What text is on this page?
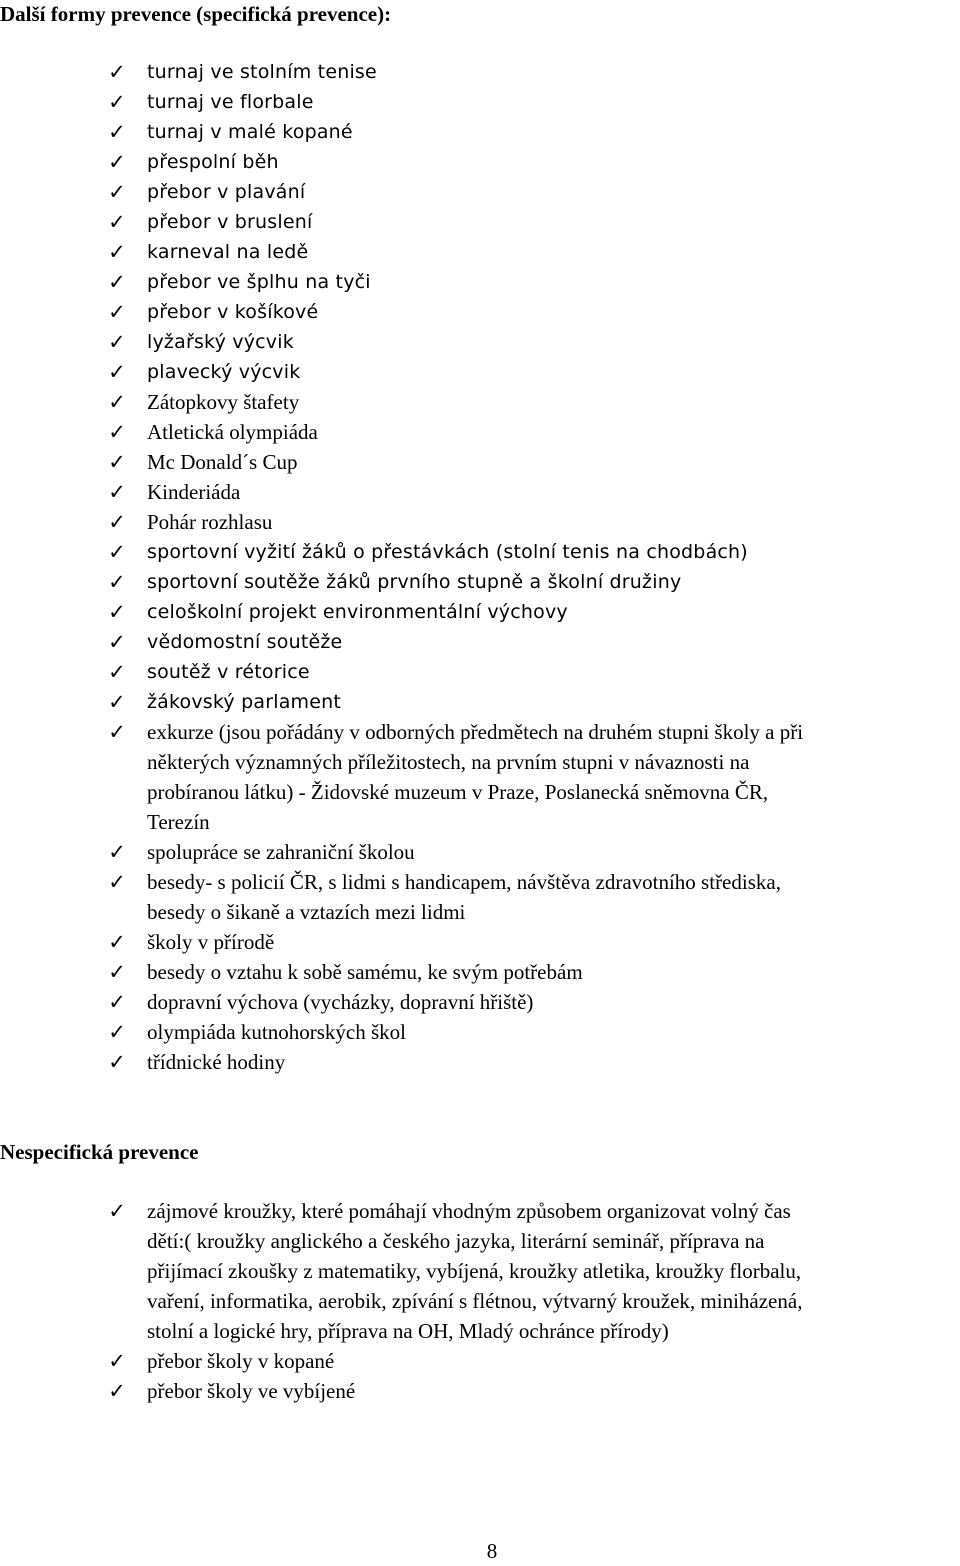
Další formy prevence (specifická prevence):
✓ turnaj ve stolním tenise
✓ turnaj ve florbale
✓ turnaj v malé kopané
✓ přespolní běh
✓ přebor v plavání
✓ přebor v bruslení
✓ karneval na ledě
✓ přebor ve šplhu na tyči
✓ přebor v košíkové
✓ lyžařský výcvik
✓ plavecký výcvik
✓ Zátopkovy štafety
✓ Atletická olympiáda
✓ Mc Donald´s Cup
✓ Kinderiáda
✓ Pohár rozhlasu
✓ sportovní vyžití žáků o přestávkách (stolní tenis na chodbách)
✓ sportovní soutěže žáků prvního stupně a školní družiny
✓ celoškolní projekt environmentální výchovy
✓ vědomostní soutěže
✓ soutěž v rétorice
✓ žákovský parlament
✓ exkurze (jsou pořádány v odborných předmětech na druhém stupni školy a při
některých významných příležitostech, na prvním stupni v návaznosti na
probíranou látku) - Židovské muzeum v Praze, Poslanecká sněmovna ČR,
Terezín
✓ spolupráce se zahraniční školou
✓ besedy- s policií ČR, s lidmi s handicapem, návštěva zdravotního střediska,
besedy o šikaně a vztazích mezi lidmi
✓ školy v přírodě
✓ besedy o vztahu k sobě samému, ke svým potřebám
✓ dopravní výchova (vycházky, dopravní hřiště)
✓ olympiáda kutnohorských škol
✓ třídnické hodiny
Nespecifická prevence
✓ zájmové kroužky, které pomáhají vhodným způsobem organizovat volný čas
dětí:( kroužky anglického a českého jazyka, literární seminář, příprava na
přijímací zkoušky z matematiky, vybíjená, kroužky atletika, kroužky florbalu,
vaření, informatika, aerobik, zpívání s flétnou, výtvarný kroužek, miniházená,
stolní a logické hry, příprava na OH, Mladý ochránce přírody)
✓ přebor školy v kopané
✓ přebor školy ve vybíjené
8
